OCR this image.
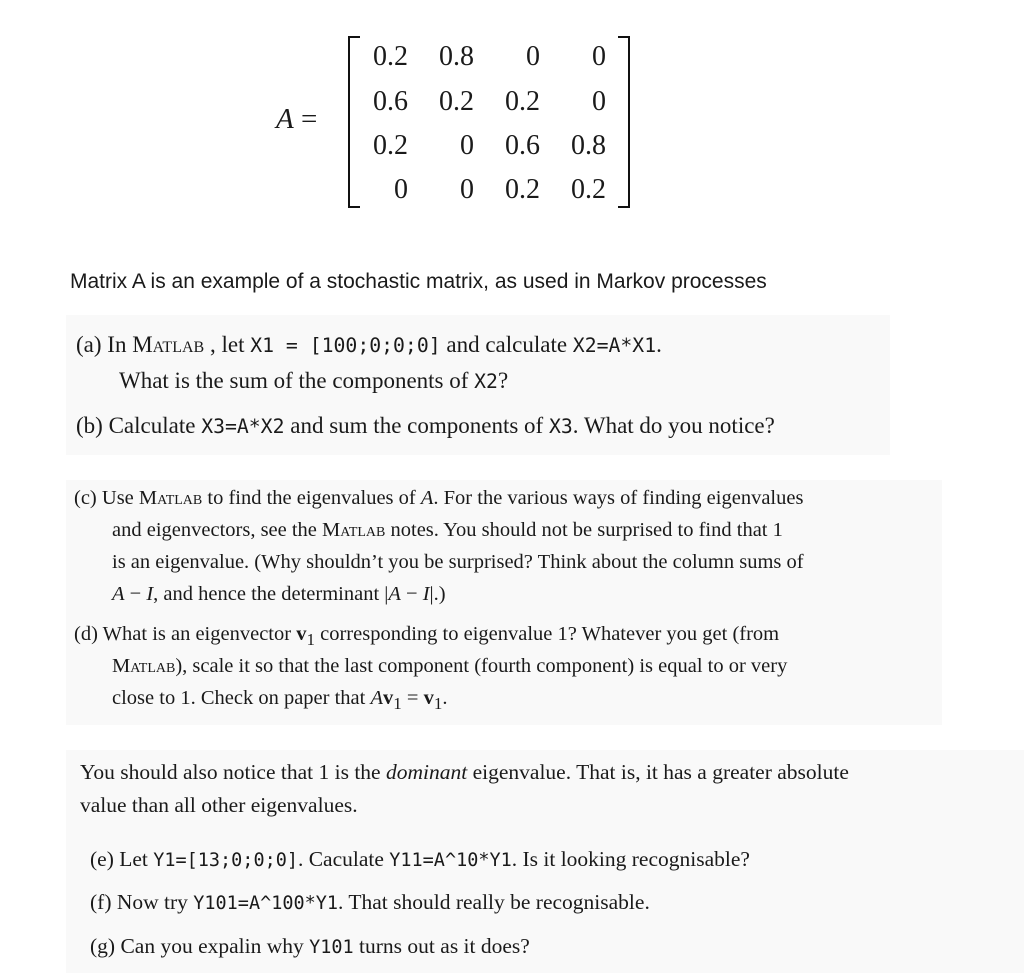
A =
0.2	0.8	0	0
0.6	0.2	0.2	0
0.2	0	0.6	0.8
0	0	0.2	0.2
Matrix A is an example of a stochastic matrix, as used in Markov processes
(a) In Matlab , let X1 = [100;0;0;0] and calculate X2=A*X1.
What is the sum of the components of X2?
(b) Calculate X3=A*X2 and sum the components of X3. What do you notice?
(c) Use Matlab to find the eigenvalues of A. For the various ways of finding eigenvalues
and eigenvectors, see the Matlab notes. You should not be surprised to find that 1
is an eigenvalue. (Why shouldn’t you be surprised? Think about the column sums of
A − I, and hence the determinant |A − I|.)
(d) What is an eigenvector $v_1$ corresponding to eigenvalue 1? Whatever you get (from
Matlab), scale it so that the last component (fourth component) is equal to or very
close to 1. Check on paper that $Av_1 = v_1$.
You should also notice that 1 is the dominant eigenvalue. That is, it has a greater absolute
value than all other eigenvalues.
(e) Let Y1=[13;0;0;0]. Caculate Y11=A^10*Y1. Is it looking recognisable?
(f) Now try Y101=A^100*Y1. That should really be recognisable.
(g) Can you expalin why Y101 turns out as it does?
